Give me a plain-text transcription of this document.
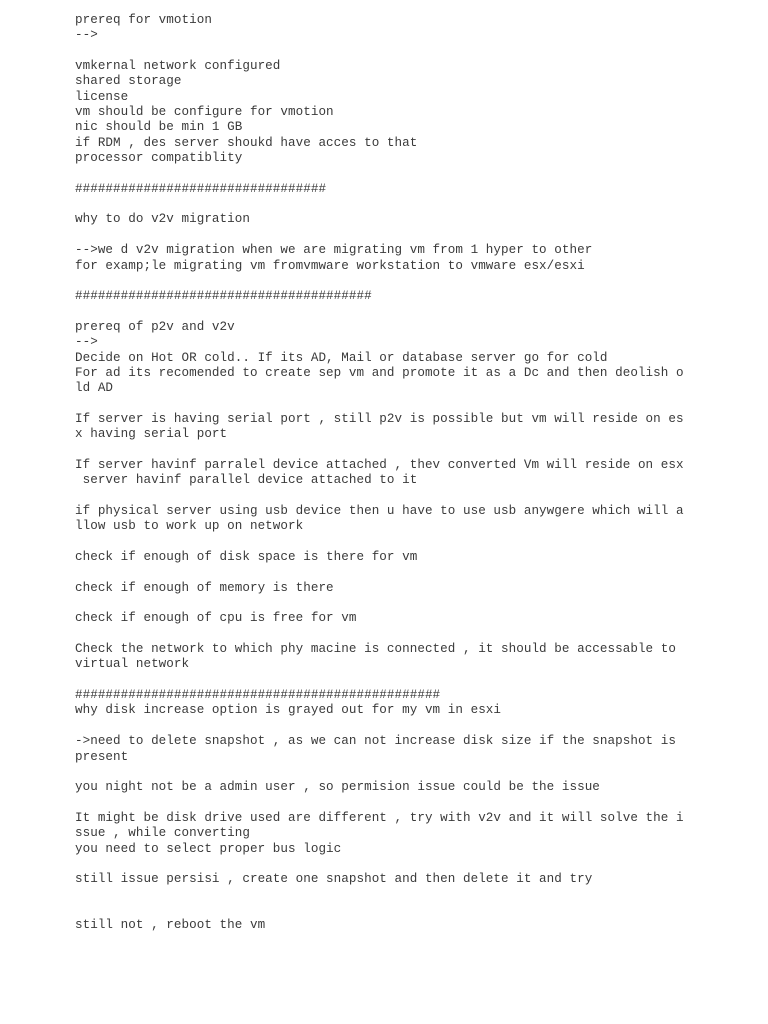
prereq for vmotion
-->
vmkernal network configured
shared storage
license
vm should be configure for vmotion
nic should be min 1 GB
if RDM , des server shoukd have acces to that
processor compatiblity
#################################
why to do v2v migration
-->we d v2v migration when we are migrating vm from 1 hyper to other
for examp;le migrating vm fromvmware workstation to vmware esx/esxi
#######################################
prereq of p2v and v2v
-->
Decide on Hot OR cold.. If its AD, Mail or database server go for cold
For ad its recomended to create sep vm and promote it as a Dc and then deolish o
ld AD
If server is having serial port , still p2v is possible but vm will reside on es
x having serial port
If server havinf parralel device attached , thev converted Vm will reside on esx
server havinf parallel device attached to it
if physical server using usb device then u have to use usb anywgere which will a
llow usb to work up on network
check if enough of disk space is there for vm
check if enough of memory is there
check if enough of cpu is free for vm
Check the network to which phy macine is connected , it should be accessable to
virtual network
################################################
why disk increase option is grayed out for my vm in esxi
->need to delete snapshot , as we can not increase disk size if the snapshot is
present
you night not be a admin user , so permision issue could be the issue
It might be disk drive used are different , try with v2v and it will solve the i
ssue , while converting
you need to select proper bus logic
still issue persisi , create one snapshot and then delete it and try
still not , reboot the vm
